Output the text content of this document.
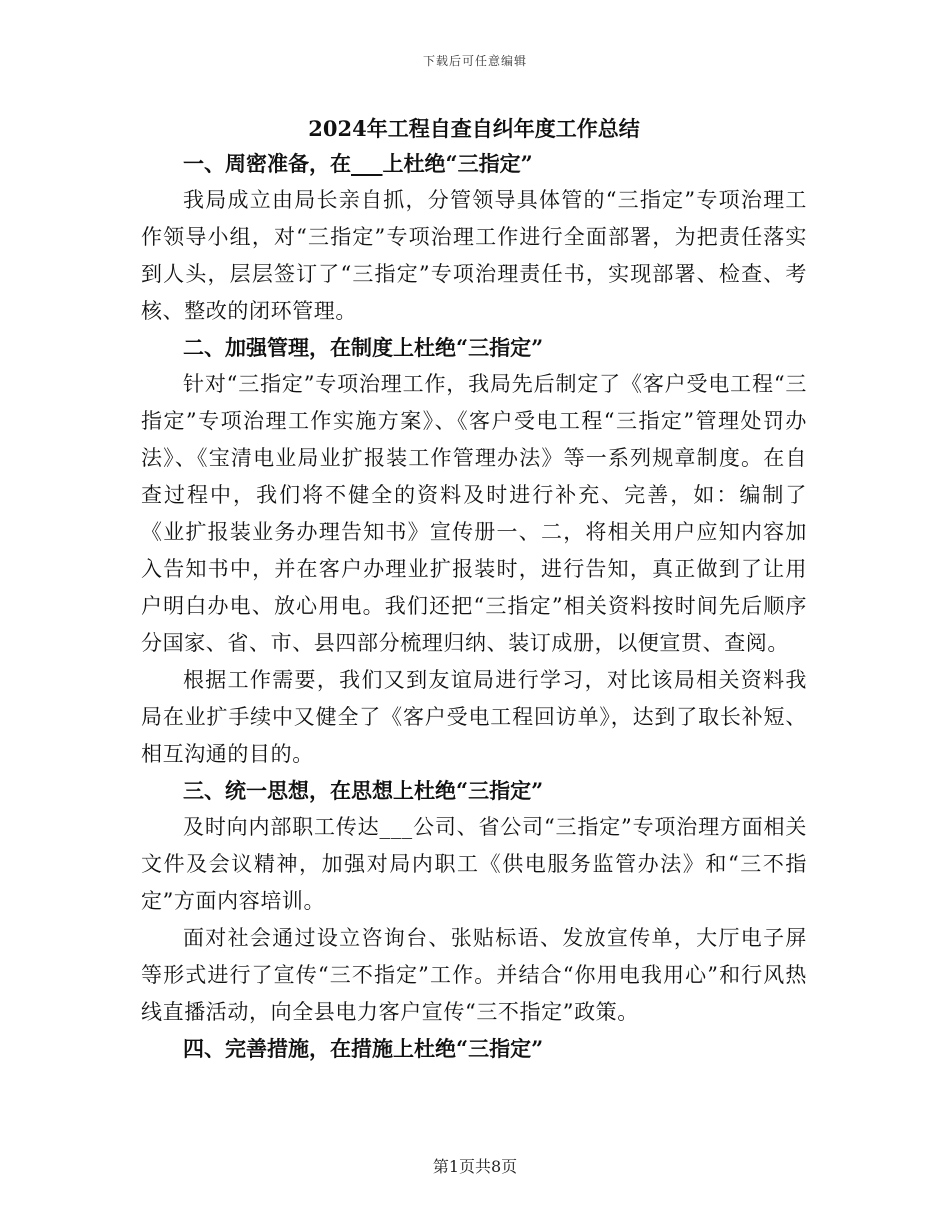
下载后可任意编辑
2024年工程自查自纠年度工作总结
一、周密准备，在___上杜绝“三指定”

我局成立由局长亲自抓，分管领导具体管的“三指定”专项治理工作领导小组，对“三指定”专项治理工作进行全面部署，为把责任落实到人头，层层签订了“三指定”专项治理责任书，实现部署、检查、考核、整改的闭环管理。

二、加强管理，在制度上杜绝“三指定”

针对“三指定”专项治理工作，我局先后制定了《客户受电工程“三指定”专项治理工作实施方案》、《客户受电工程“三指定”管理处罚办法》、《宝清电业局业扩报装工作管理办法》等一系列规章制度。在自查过程中，我们将不健全的资料及时进行补充、完善，如：编制了《业扩报装业务办理告知书》宣传册一、二，将相关用户应知内容加入告知书中，并在客户办理业扩报装时，进行告知，真正做到了让用户明白办电、放心用电。我们还把“三指定”相关资料按时间先后顺序分国家、省、市、县四部分梳理归纳、装订成册，以便宣贯、查阅。

根据工作需要，我们又到友谊局进行学习，对比该局相关资料我局在业扩手续中又健全了《客户受电工程回访单》，达到了取长补短、相互沟通的目的。

三、统一思想，在思想上杜绝“三指定”

及时向内部职工传达___公司、省公司“三指定”专项治理方面相关文件及会议精神，加强对局内职工《供电服务监管办法》和“三不指定”方面内容培训。

面对社会通过设立咨询台、张贴标语、发放宣传单，大厅电子屏等形式进行了宣传“三不指定”工作。并结合“你用电我用心”和行风热线直播活动，向全县电力客户宣传“三不指定”政策。

四、完善措施，在措施上杜绝“三指定”
第1页共8页
